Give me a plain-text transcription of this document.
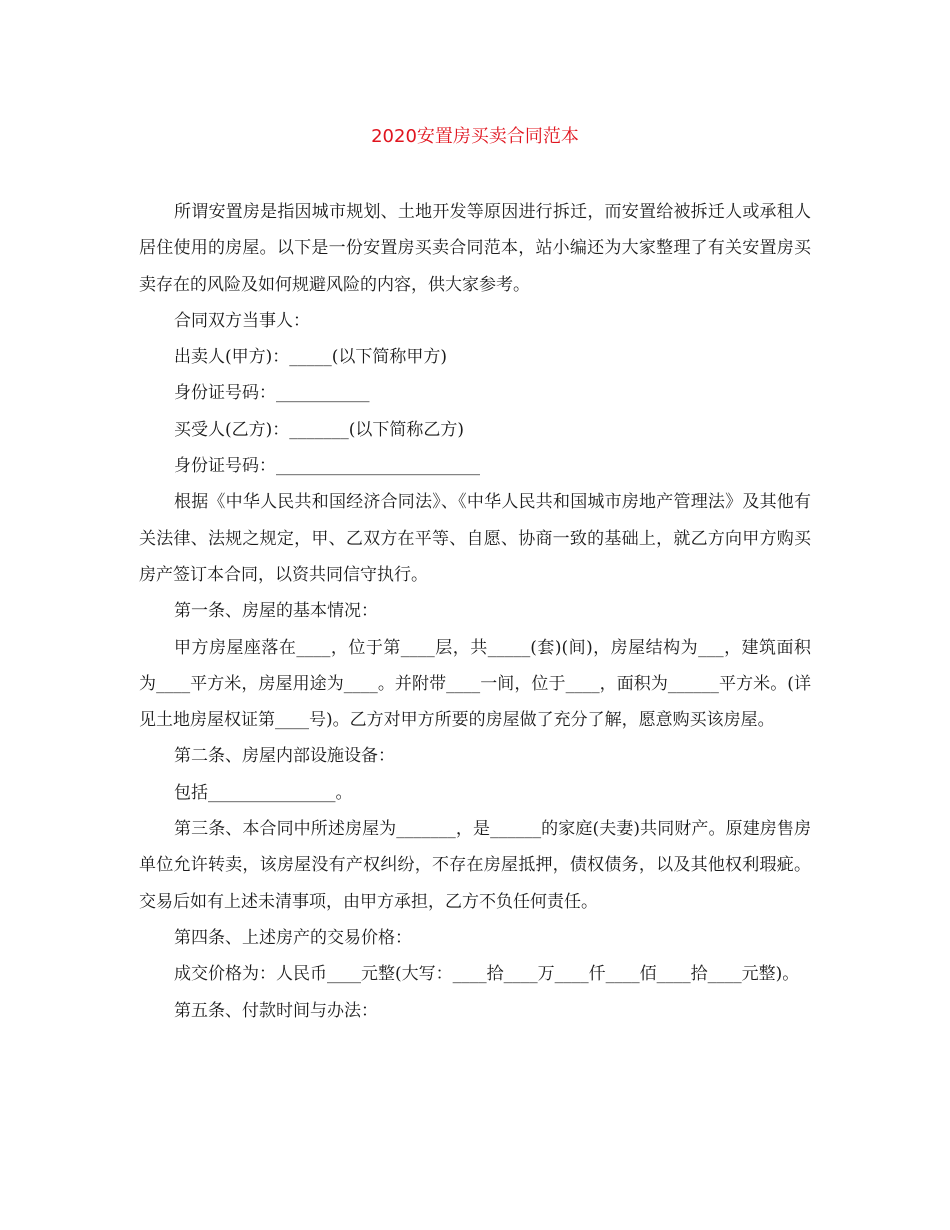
2020安置房买卖合同范本

所谓安置房是指因城市规划、土地开发等原因进行拆迁，而安置给被拆迁人或承租人居住使用的房屋。以下是一份安置房买卖合同范本，站小编还为大家整理了有关安置房买卖存在的风险及如何规避风险的内容，供大家参考。

合同双方当事人：

出卖人(甲方)：_____(以下简称甲方)

身份证号码：___________

买受人(乙方)：_______(以下简称乙方)

身份证号码：________________________

根据《中华人民共和国经济合同法》、《中华人民共和国城市房地产管理法》及其他有关法律、法规之规定，甲、乙双方在平等、自愿、协商一致的基础上，就乙方向甲方购买房产签订本合同，以资共同信守执行。

第一条、房屋的基本情况：

甲方房屋座落在____，位于第____层，共_____(套)(间)，房屋结构为___，建筑面积为____平方米，房屋用途为____。并附带____一间，位于____，面积为______平方米。(详见土地房屋权证第____号)。乙方对甲方所要的房屋做了充分了解，愿意购买该房屋。

第二条、房屋内部设施设备：

包括_______________。

第三条、本合同中所述房屋为_______，是______的家庭(夫妻)共同财产。原建房售房单位允许转卖，该房屋没有产权纠纷，不存在房屋抵押，债权债务，以及其他权利瑕疵。交易后如有上述未清事项，由甲方承担，乙方不负任何责任。

第四条、上述房产的交易价格：

成交价格为：人民币____元整(大写：____拾____万____仟____佰____拾____元整)。

第五条、付款时间与办法：
